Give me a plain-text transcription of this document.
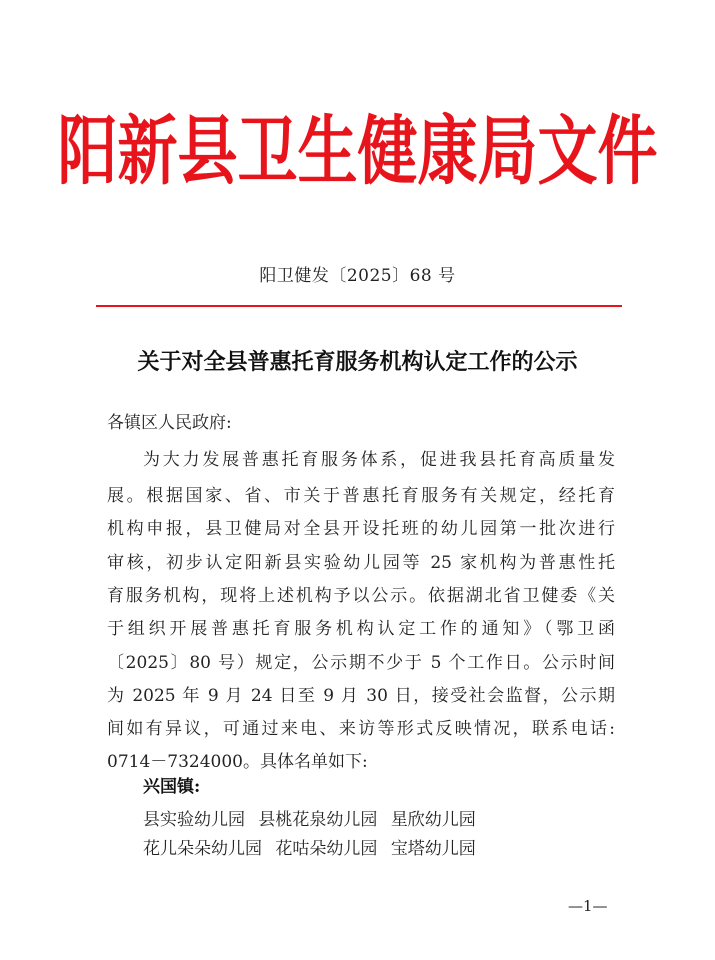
阳新县卫生健康局文件
阳卫健发〔2025〕68 号
关于对全县普惠托育服务机构认定工作的公示
各镇区人民政府:
为大力发展普惠托育服务体系，促进我县托育高质量发
展。根据国家、省、市关于普惠托育服务有关规定，经托育
机构申报，县卫健局对全县开设托班的幼儿园第一批次进行
审核，初步认定阳新县实验幼儿园等 25 家机构为普惠性托
育服务机构，现将上述机构予以公示。依据湖北省卫健委《关
于组织开展普惠托育服务机构认定工作的通知》（鄂卫函
〔2025〕80 号）规定，公示期不少于 5 个工作日。公示时间
为 2025 年 9 月 24 日至 9 月 30 日，接受社会监督，公示期
间如有异议，可通过来电、来访等形式反映情况，联系电话:
0714－7324000。具体名单如下:
兴国镇:
县实验幼儿园 县桃花泉幼儿园 星欣幼儿园
花儿朵朵幼儿园 花咕朵幼儿园 宝塔幼儿园
—1—
